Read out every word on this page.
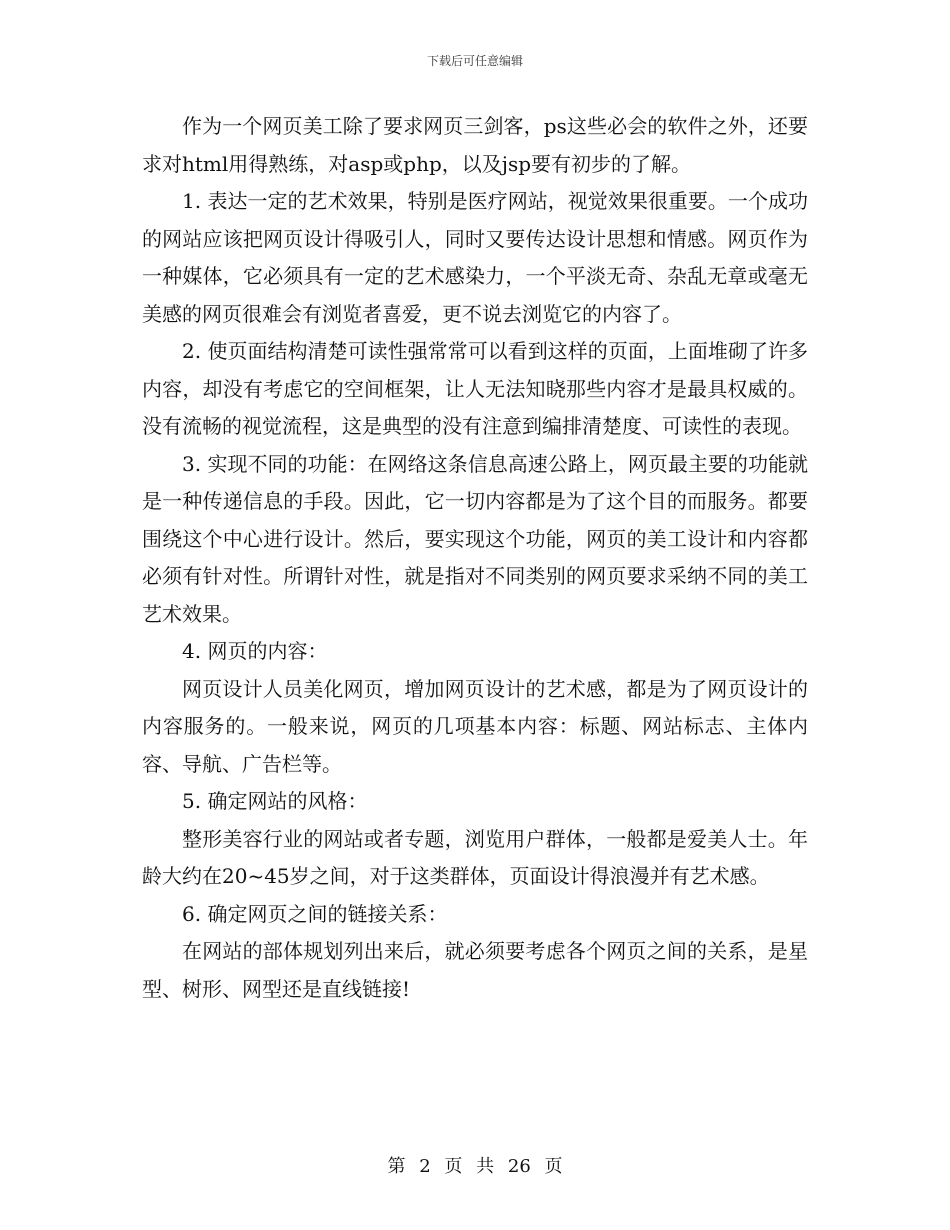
下载后可任意编辑

作为一个网页美工除了要求网页三剑客，ps这些必会的软件之外，还要求对html用得熟练，对asp或php，以及jsp要有初步的了解。

1. 表达一定的艺术效果，特别是医疗网站，视觉效果很重要。一个成功的网站应该把网页设计得吸引人，同时又要传达设计思想和情感。网页作为一种媒体，它必须具有一定的艺术感染力，一个平淡无奇、杂乱无章或毫无美感的网页很难会有浏览者喜爱，更不说去浏览它的内容了。

2. 使页面结构清楚可读性强常常可以看到这样的页面，上面堆砌了许多内容，却没有考虑它的空间框架，让人无法知晓那些内容才是最具权威的。没有流畅的视觉流程，这是典型的没有注意到编排清楚度、可读性的表现。

3. 实现不同的功能：在网络这条信息高速公路上，网页最主要的功能就是一种传递信息的手段。因此，它一切内容都是为了这个目的而服务。都要围绕这个中心进行设计。然后，要实现这个功能，网页的美工设计和内容都必须有针对性。所谓针对性，就是指对不同类别的网页要求采纳不同的美工艺术效果。

4. 网页的内容：

网页设计人员美化网页，增加网页设计的艺术感，都是为了网页设计的内容服务的。一般来说，网页的几项基本内容：标题、网站标志、主体内容、导航、广告栏等。

5. 确定网站的风格：

整形美容行业的网站或者专题，浏览用户群体，一般都是爱美人士。年龄大约在20~45岁之间，对于这类群体，页面设计得浪漫并有艺术感。

6. 确定网页之间的链接关系：

在网站的部体规划列出来后，就必须要考虑各个网页之间的关系，是星型、树形、网型还是直线链接!

第 2 页 共 26 页
